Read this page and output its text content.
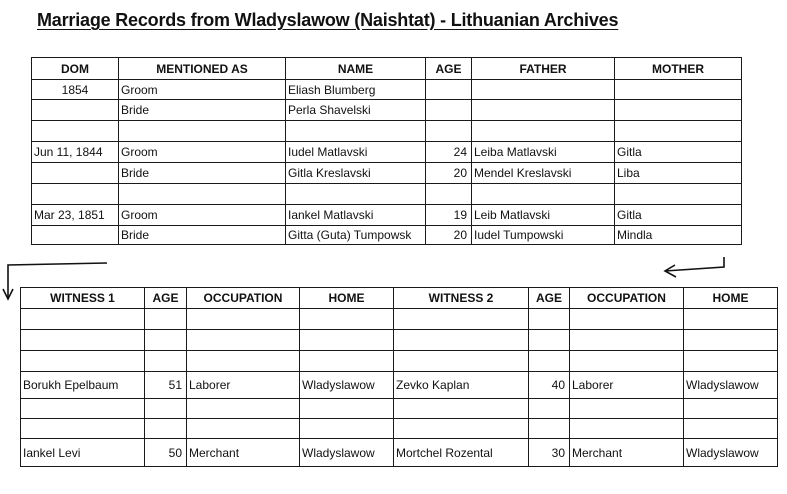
Marriage Records from Wladyslawow (Naishtat) - Lithuanian Archives
DOM	MENTIONED AS	NAME	AGE	FATHER	MOTHER
1854	Groom	Eliash Blumberg			
	Bride	Perla Shavelski			

Jun 11, 1844	Groom	Iudel Matlavski	24	Leiba Matlavski	Gitla
	Bride	Gitla Kreslavski	20	Mendel Kreslavski	Liba

Mar 23, 1851	Groom	Iankel Matlavski	19	Leib Matlavski	Gitla
	Bride	Gitta (Guta) Tumpowsk	20	Iudel Tumpowski	Mindla
WITNESS 1	AGE	OCCUPATION	HOME	WITNESS 2	AGE	OCCUPATION	HOME

Borukh Epelbaum	51	Laborer	Wladyslawow	Zevko Kaplan	40	Laborer	Wladyslawow

Iankel Levi	50	Merchant	Wladyslawow	Mortchel Rozental	30	Merchant	Wladyslawow
